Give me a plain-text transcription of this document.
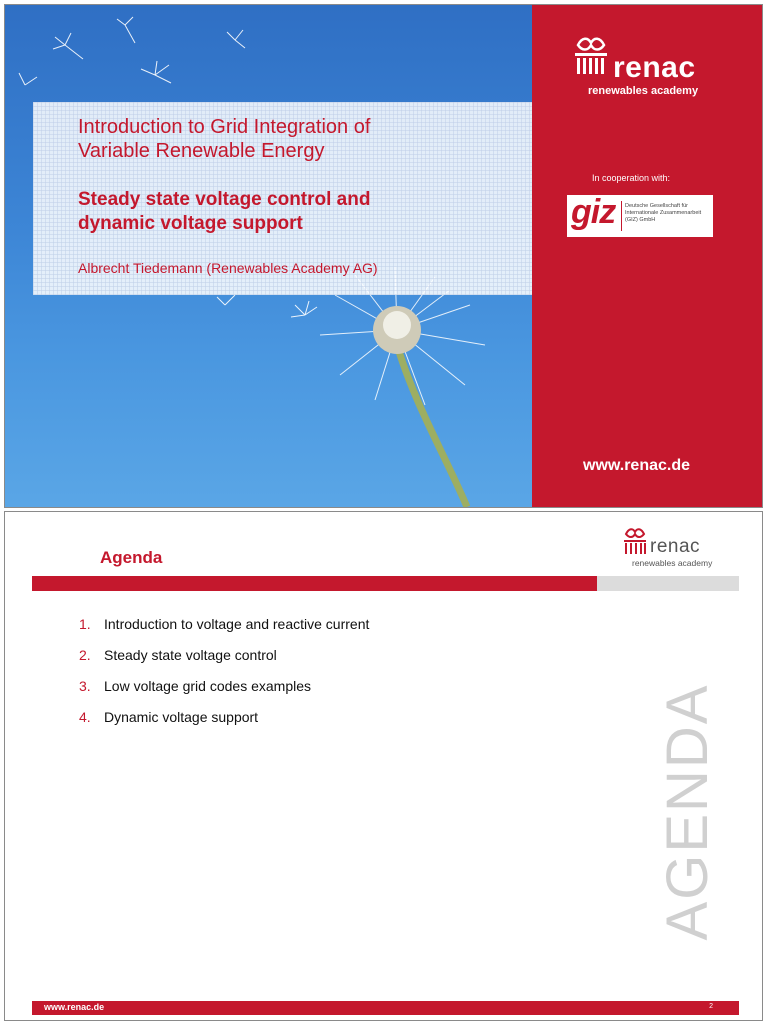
Introduction to Grid Integration of
Variable Renewable Energy
Steady state voltage control and
dynamic voltage support
Albrecht Tiedemann (Renewables Academy AG)
renac
renewables academy
In cooperation with:
giz Deutsche Gesellschaft für Internationale Zusammenarbeit (GIZ) GmbH
www.renac.de
Agenda
renac
renewables academy
1. Introduction to voltage and reactive current
2. Steady state voltage control
3. Low voltage grid codes examples
4. Dynamic voltage support	AGENDA
www.renac.de	2
